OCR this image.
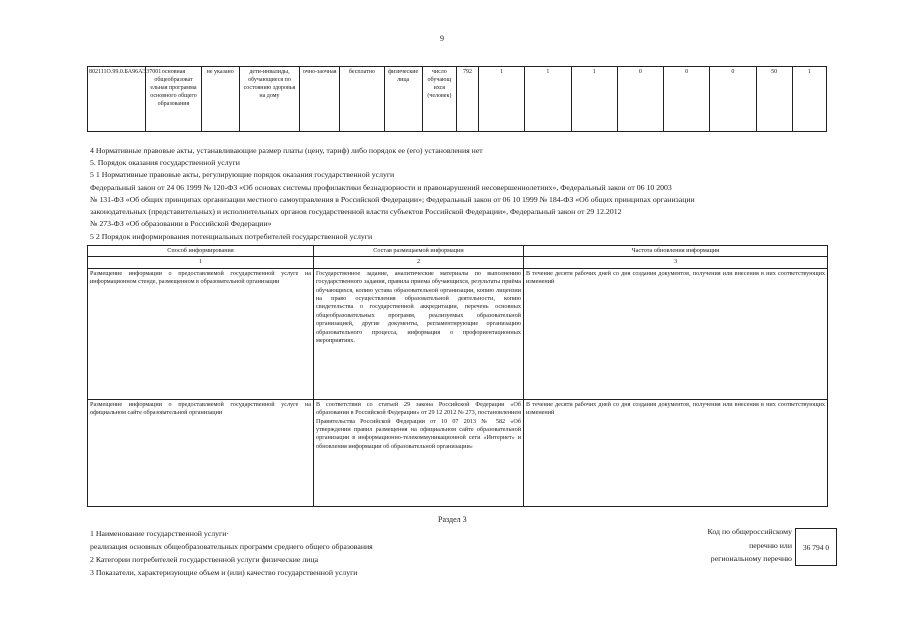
9
802111О.99.0.БА96АЭ37001	основная общеобразоват ельная программа основного общего образования	не указано	дети-инвалиды, обучающиеся по состоянию здоровья на дому	очно-заочная	бесплатно	физические лица	число обучающ ихся (человек)	792	1	1	1	0	0	0	50	1
4 Нормативные правовые акты, устанавливающие размер платы (цену, тариф) либо порядок ее (его) установления нет
5. Порядок оказания государственной услуги
5 1 Нормативные правовые акты, регулирующие порядок оказания государственной услуги
Федеральный закон от 24 06 1999 № 120-ФЗ «Об основах системы профилактики безнадзорности и правонарушений несовершеннолетних», Федеральный закон от 06 10 2003
№ 131-ФЗ «Об общих принципах организации местного самоуправления в Российской Федерации»; Федеральный закон от 06 10 1999 № 184-ФЗ «Об общих принципах организации
законодательных (представительных) и исполнительных органов государственной власти субъектов Российской Федерации», Федеральный закон от 29 12.2012
№ 273-ФЗ «Об образовании в Российской Федерации»
5 2 Порядок информирования потенциальных потребителей государственной услуги
Способ информирования	Состав размещаемой информации	Частота обновления информации
1	2	3
Размещение информации о предоставляемой государственной услуге на информационном стенде, размещенном в образовательной организации	Государственное задание, аналитические материалы по выполнению государственного задания, правила приема обучающихся, результаты приёма обучающихся, копию устава образовательной организации, копию лицензии на право осуществления образовательной деятельности, копию свидетельства о государственной аккредитации, перечень основных общеобразовательных программ, реализуемых образовательной организацией, другие документы, регламентирующие организацию образовательного процесса, информация о профориентационных мероприятиях.	В течение десяти рабочих дней со дня создания документов, получения или внесения в них соответствующих изменений
Размещение информации о предоставляемой государственной услуге на официальном сайте образовательной организации	В соответствии со статьей 29 закона Российской Федерации «Об образовании в Российской Федерации» от 29 12 2012 № 273, постановлением Правительства Российской Федерации от 10 07 2013 № 582 «Об утверждении правил размещения на официальном сайте образовательной организации в информационно-телекоммуникационной сети «Интернет» и обновления информации об образовательной организации»	В течение десяти рабочих дней со дня создания документов, получения или внесения в них соответствующих изменений
Раздел 3
1 Наименование государственной услуги·
реализация основных общеобразовательных программ среднего общего образования
2 Категории потребителей государственной услуги физические лица
3 Показатели, характеризующие объем и (или) качество государственной услуги
Код по общероссийскому
перечню или
региональному перечню
36 794 0
